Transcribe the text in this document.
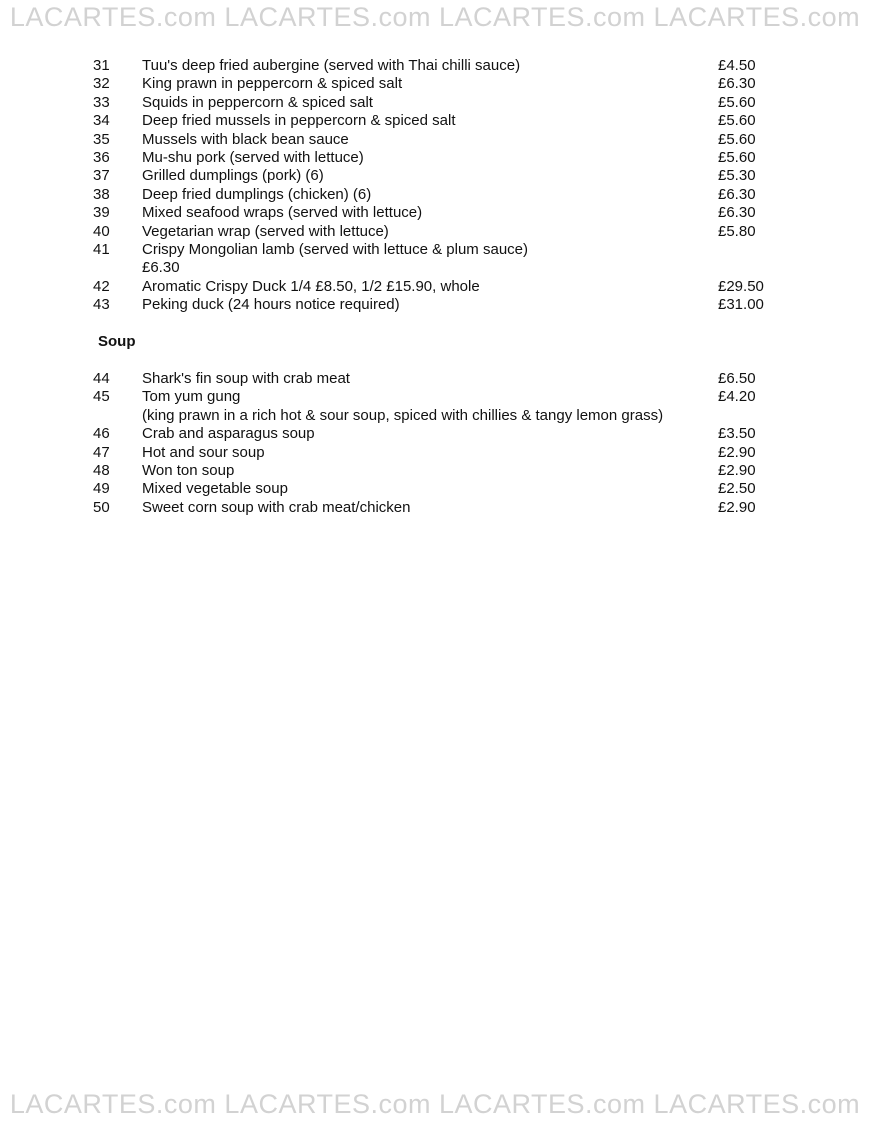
LACARTES.com LACARTES.com LACARTES.com LACARTES.com
31 Tuu's deep fried aubergine (served with Thai chilli sauce)	£4.50
32 King prawn in peppercorn & spiced salt	£6.30
33 Squids in peppercorn & spiced salt	£5.60
34 Deep fried mussels in peppercorn & spiced salt	£5.60
35 Mussels with black bean sauce	£5.60
36 Mu-shu pork (served with lettuce)	£5.60
37 Grilled dumplings (pork) (6)	£5.30
38 Deep fried dumplings (chicken) (6)	£6.30
39 Mixed seafood wraps (served with lettuce)	£6.30
40 Vegetarian wrap (served with lettuce)	£5.80
41 Crispy Mongolian lamb (served with lettuce & plum sauce)
£6.30
42 Aromatic Crispy Duck 1/4 £8.50, 1/2 £15.90, whole	£29.50
43 Peking duck (24 hours notice required)	£31.00
Soup
44 Shark's fin soup with crab meat	£6.50
45 Tom yum gung	£4.20
(king prawn in a rich hot & sour soup, spiced with chillies & tangy lemon grass)
46 Crab and asparagus soup	£3.50
47 Hot and sour soup	£2.90
48 Won ton soup	£2.90
49 Mixed vegetable soup	£2.50
50 Sweet corn soup with crab meat/chicken	£2.90
LACARTES.com LACARTES.com LACARTES.com LACARTES.com
